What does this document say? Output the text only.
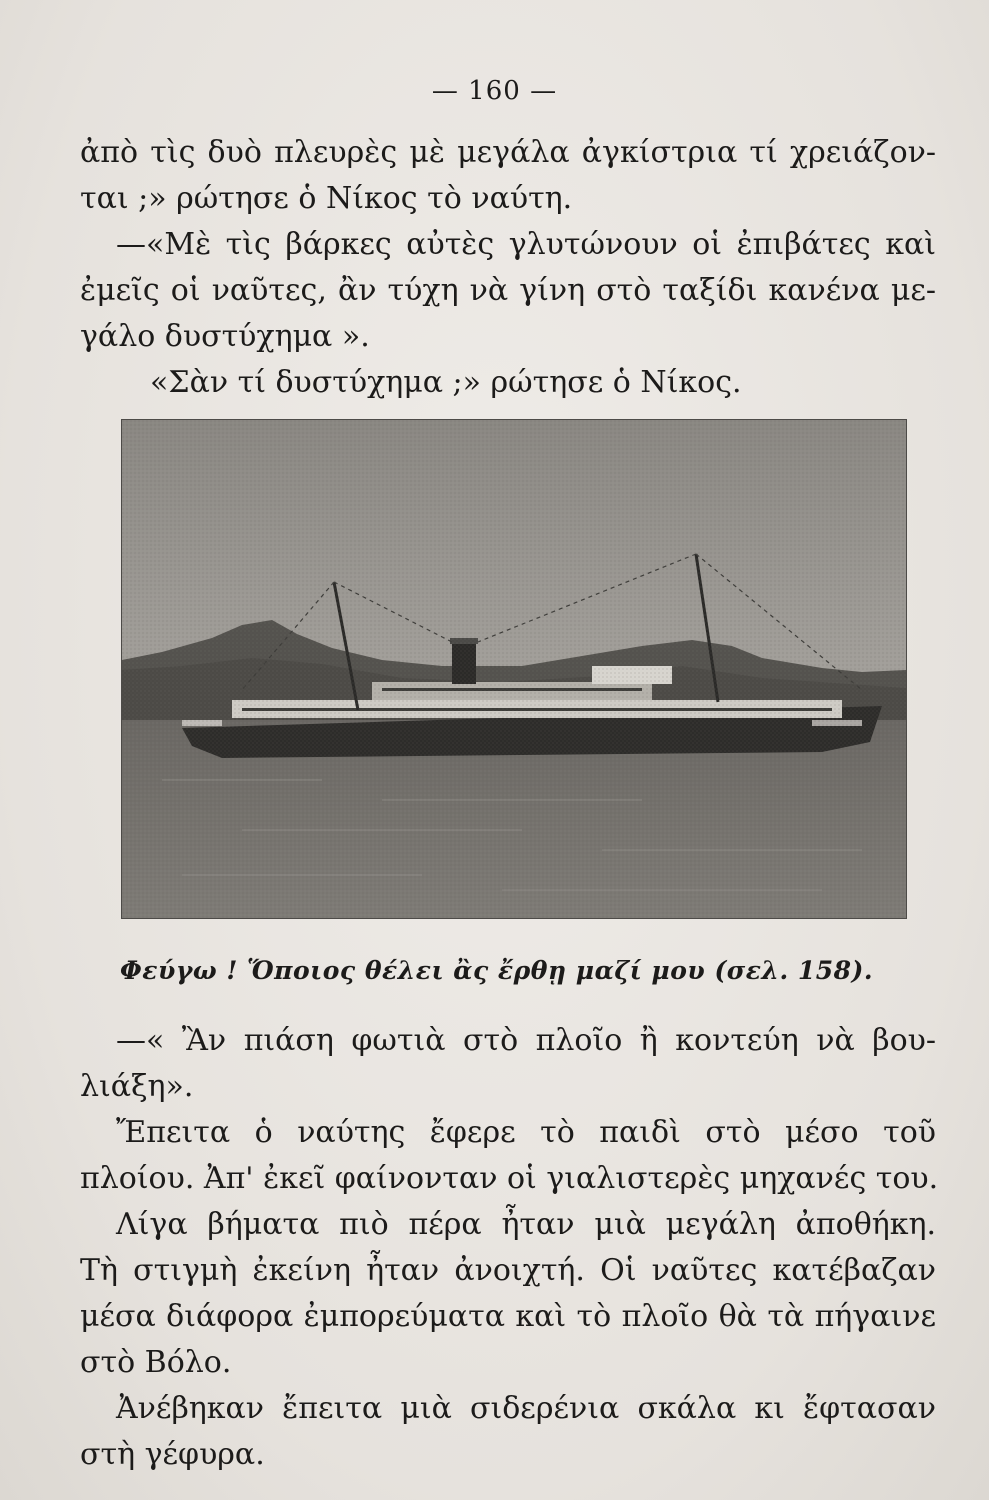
— 160 —
ἀπὸ τὶς δυὸ πλευρὲς μὲ μεγάλα ἀγκίστρια τί χρειάζον-
ται ;» ρώτησε ὁ Νίκος τὸ ναύτη.
—«Μὲ τὶς βάρκες αὐτὲς γλυτώνουν οἱ ἐπιβάτες καὶ
ἐμεῖς οἱ ναῦτες, ἂν τύχη νὰ γίνη στὸ ταξίδι κανένα με-
γάλο δυστύχημα ».
«Σὰν τί δυστύχημα ;» ρώτησε ὁ Νίκος.
Φεύγω ! Ὅποιος θέλει ἂς ἔρθῃ μαζί μου (σελ. 158).
—« Ἂν πιάση φωτιὰ στὸ πλοῖο ἢ κοντεύη νὰ βου-
λιάξη».
Ἔπειτα ὁ ναύτης ἔφερε τὸ παιδὶ στὸ μέσο τοῦ
πλοίου. Ἀπ' ἐκεῖ φαίνονταν οἱ γιαλιστερὲς μηχανές του.
Λίγα βήματα πιὸ πέρα ἦταν μιὰ μεγάλη ἀποθήκη.
Τὴ στιγμὴ ἐκείνη ἦταν ἀνοιχτή. Οἱ ναῦτες κατέβαζαν
μέσα διάφορα ἐμπορεύματα καὶ τὸ πλοῖο θὰ τὰ πήγαινε
στὸ Βόλο.
Ἀνέβηκαν ἔπειτα μιὰ σιδερένια σκάλα κι ἔφτασαν
στὴ γέφυρα.
